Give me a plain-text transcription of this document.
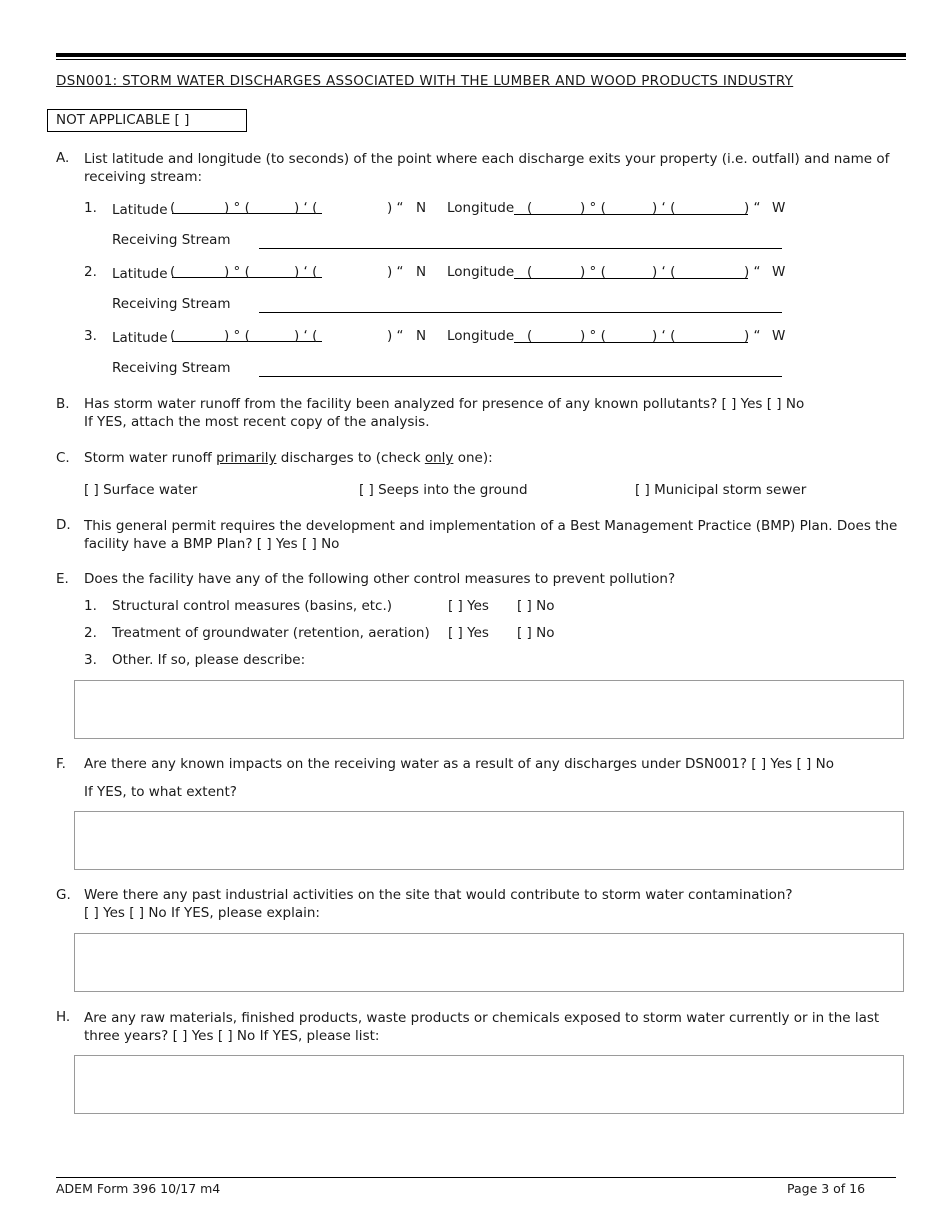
DSN001: STORM WATER DISCHARGES ASSOCIATED WITH THE LUMBER AND WOOD PRODUCTS INDUSTRY
NOT APPLICABLE [ ]
A. List latitude and longitude (to seconds) of the point where each discharge exits your property (i.e. outfall) and name of receiving stream:
1. Latitude (	) ° (	) ‘ (	) “ N Longitude (	) ° (	) ‘ (	) “ W
Receiving Stream
2. Latitude (	) ° (	) ‘ (	) “ N Longitude (	) ° (	) ‘ (	) “ W
Receiving Stream
3. Latitude (	) ° (	) ‘ (	) “ N Longitude (	) ° (	) ‘ (	) “ W
Receiving Stream
B. Has storm water runoff from the facility been analyzed for presence of any known pollutants? [ ] Yes [ ] No
If YES, attach the most recent copy of the analysis.
C. Storm water runoff primarily discharges to (check only one):
[ ] Surface water	[ ] Seeps into the ground	[ ] Municipal storm sewer
D. This general permit requires the development and implementation of a Best Management Practice (BMP) Plan. Does the facility have a BMP Plan? [ ] Yes [ ] No
E. Does the facility have any of the following other control measures to prevent pollution?
1. Structural control measures (basins, etc.)	[ ] Yes [ ] No
2. Treatment of groundwater (retention, aeration) [ ] Yes [ ] No
3. Other. If so, please describe:
F. Are there any known impacts on the receiving water as a result of any discharges under DSN001? [ ] Yes [ ] No
If YES, to what extent?
G. Were there any past industrial activities on the site that would contribute to storm water contamination?
[ ] Yes [ ] No If YES, please explain:
H. Are any raw materials, finished products, waste products or chemicals exposed to storm water currently or in the last three years? [ ] Yes [ ] No If YES, please list:
ADEM Form 396 10/17 m4	Page 3 of 16
